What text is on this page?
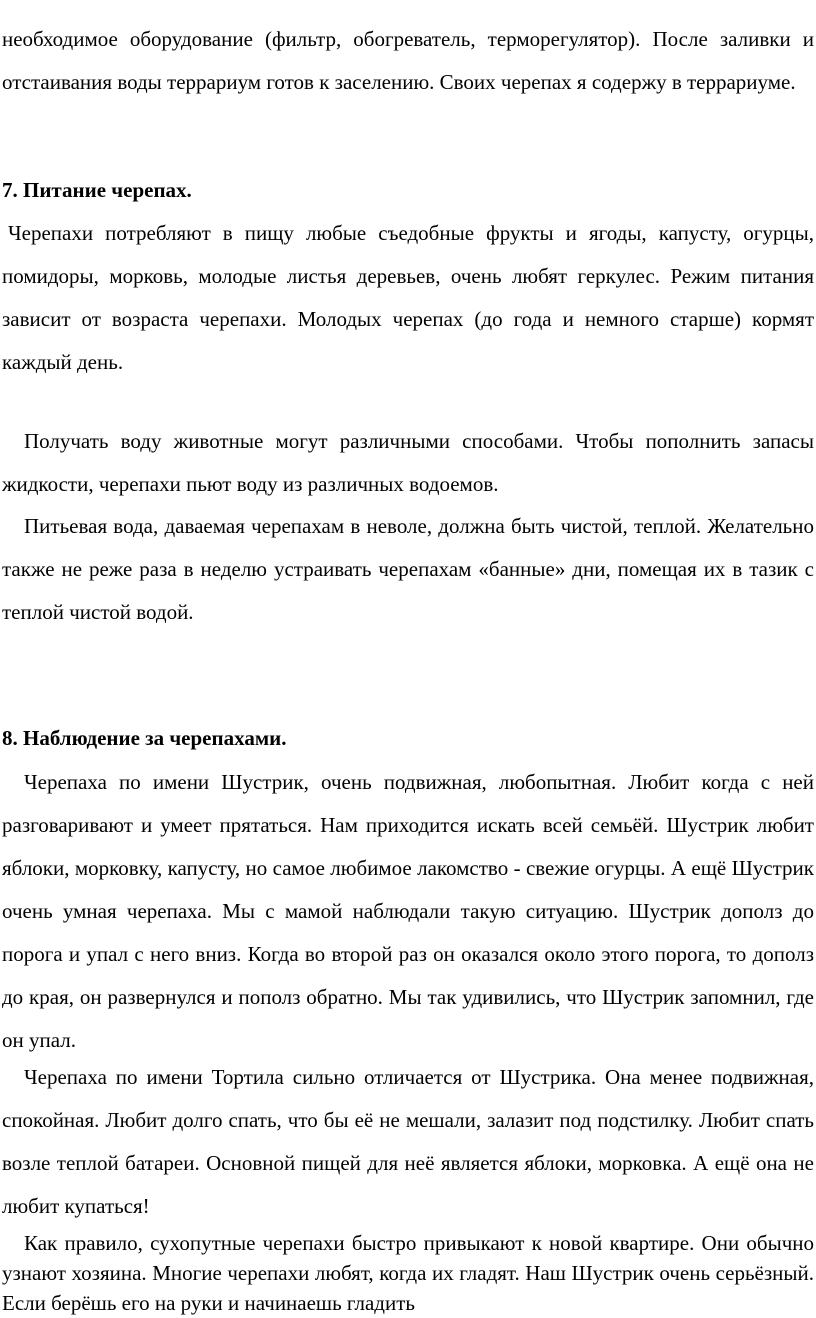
необходимое оборудование (фильтр, обогреватель, терморегулятор). После заливки и отстаивания воды террариум готов к заселению. Своих черепах я содержу в террариуме.

7. Питание черепах.

Черепахи потребляют в пищу любые съедобные фрукты и ягоды, капусту, огурцы, помидоры, морковь, молодые листья деревьев, очень любят геркулес. Режим питания зависит от возраста черепахи. Молодых черепах (до года и немного старше) кормят каждый день.

Получать воду животные могут различными способами. Чтобы пополнить запасы жидкости, черепахи пьют воду из различных водоемов.

Питьевая вода, даваемая черепахам в неволе, должна быть чистой, теплой. Желательно также не реже раза в неделю устраивать черепахам «банные» дни, помещая их в тазик с теплой чистой водой.

8. Наблюдение за черепахами.

Черепаха по имени Шустрик, очень подвижная, любопытная. Любит когда с ней разговаривают и умеет прятаться. Нам приходится искать всей семьёй. Шустрик любит яблоки, морковку, капусту, но самое любимое лакомство - свежие огурцы. А ещё Шустрик очень умная черепаха. Мы с мамой наблюдали такую ситуацию. Шустрик дополз до порога и упал с него вниз. Когда во второй раз он оказался около этого порога, то дополз до края, он развернулся и пополз обратно. Мы так удивились, что Шустрик запомнил, где он упал.

Черепаха по имени Тортила сильно отличается от Шустрика. Она менее подвижная, спокойная. Любит долго спать, что бы её не мешали, залазит под подстилку. Любит спать возле теплой батареи. Основной пищей для неё является яблоки, морковка. А ещё она не любит купаться!

Как правило, сухопутные черепахи быстро привыкают к новой квартире. Они обычно узнают хозяина. Многие черепахи любят, когда их гладят. Наш Шустрик очень серьёзный. Если берёшь его на руки и начинаешь гладить
